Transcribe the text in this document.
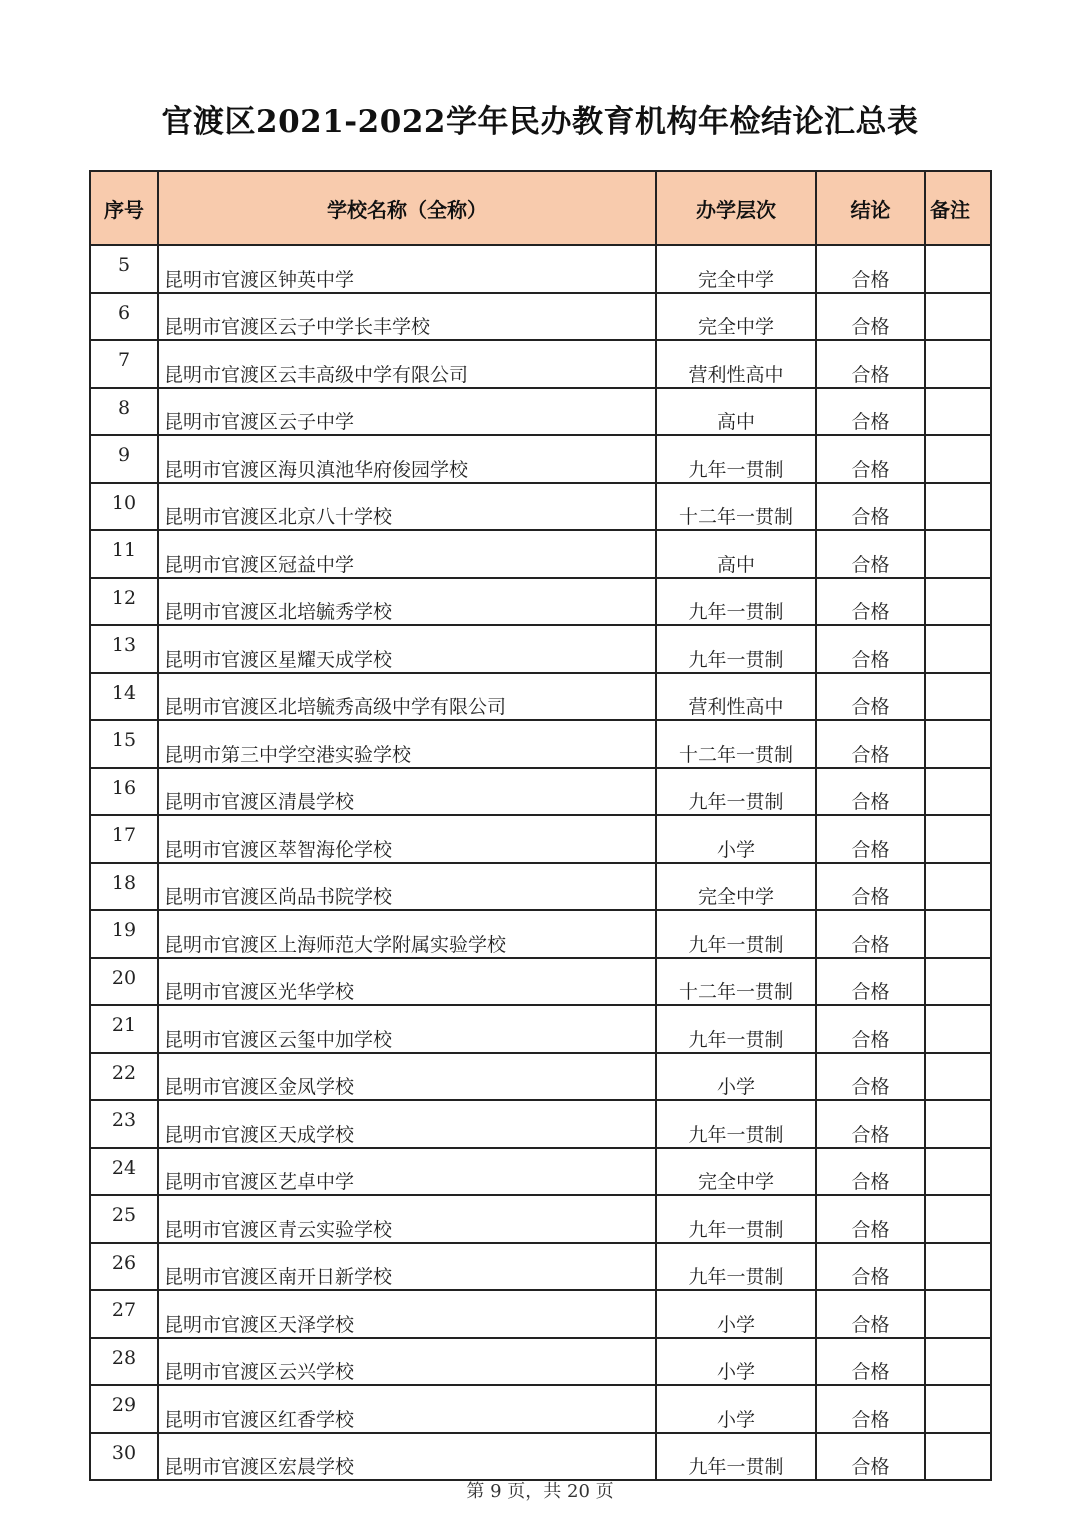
官渡区2021-2022学年民办教育机构年检结论汇总表
序号	学校名称（全称）	办学层次	结论	备注

5	昆明市官渡区钟英中学	完全中学	合格	

6	昆明市官渡区云子中学长丰学校	完全中学	合格	

7	昆明市官渡区云丰高级中学有限公司	营利性高中	合格	

8	昆明市官渡区云子中学	高中	合格	

9	昆明市官渡区海贝滇池华府俊园学校	九年一贯制	合格	

10	昆明市官渡区北京八十学校	十二年一贯制	合格	

11	昆明市官渡区冠益中学	高中	合格	

12	昆明市官渡区北培毓秀学校	九年一贯制	合格	

13	昆明市官渡区星耀天成学校	九年一贯制	合格	

14	昆明市官渡区北培毓秀高级中学有限公司	营利性高中	合格	

15	昆明市第三中学空港实验学校	十二年一贯制	合格	

16	昆明市官渡区清晨学校	九年一贯制	合格	

17	昆明市官渡区萃智海伦学校	小学	合格	

18	昆明市官渡区尚品书院学校	完全中学	合格	

19	昆明市官渡区上海师范大学附属实验学校	九年一贯制	合格	

20	昆明市官渡区光华学校	十二年一贯制	合格	

21	昆明市官渡区云玺中加学校	九年一贯制	合格	

22	昆明市官渡区金凤学校	小学	合格	

23	昆明市官渡区天成学校	九年一贯制	合格	

24	昆明市官渡区艺卓中学	完全中学	合格	

25	昆明市官渡区青云实验学校	九年一贯制	合格	

26	昆明市官渡区南开日新学校	九年一贯制	合格	

27	昆明市官渡区天泽学校	小学	合格	

28	昆明市官渡区云兴学校	小学	合格	

29	昆明市官渡区红香学校	小学	合格	

30	昆明市官渡区宏晨学校	九年一贯制	合格	

第 9 页，共 20 页
